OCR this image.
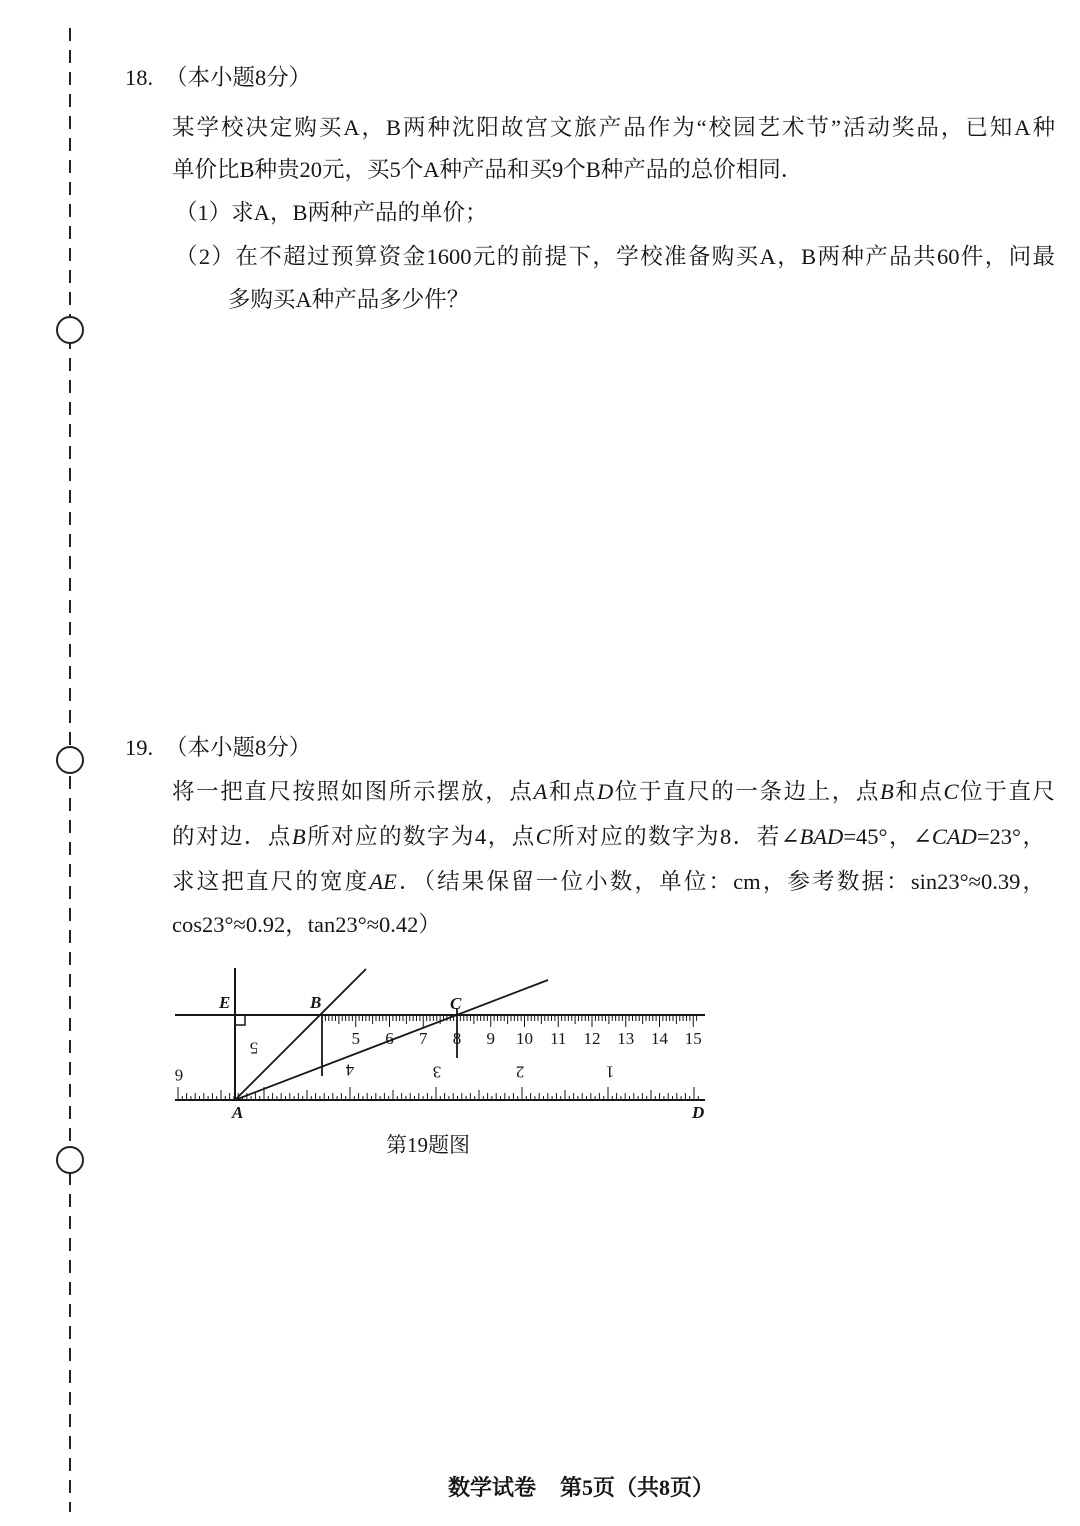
5 6 7 8 9 10 11 12 13 14 15
6
5
4	3	2	1
E	B	C
A	D
18. （本小题8分）
某学校决定购买A，B两种沈阳故宫文旅产品作为“校园艺术节”活动奖品，已知A种
单价比B种贵20元，买5个A种产品和买9个B种产品的总价相同．
（1）求A，B两种产品的单价；
（2）在不超过预算资金1600元的前提下，学校准备购买A，B两种产品共60件，问最
多购买A种产品多少件？
19. （本小题8分）
将一把直尺按照如图所示摆放，点A和点D位于直尺的一条边上，点B和点C位于直尺
的对边．点B所对应的数字为4，点C所对应的数字为8．若∠BAD=45°，∠CAD=23°，
求这把直尺的宽度AE．（结果保留一位小数，单位：cm，参考数据：sin23°≈0.39，
cos23°≈0.92，tan23°≈0.42）
第19题图
数学试卷 第5页（共8页）
